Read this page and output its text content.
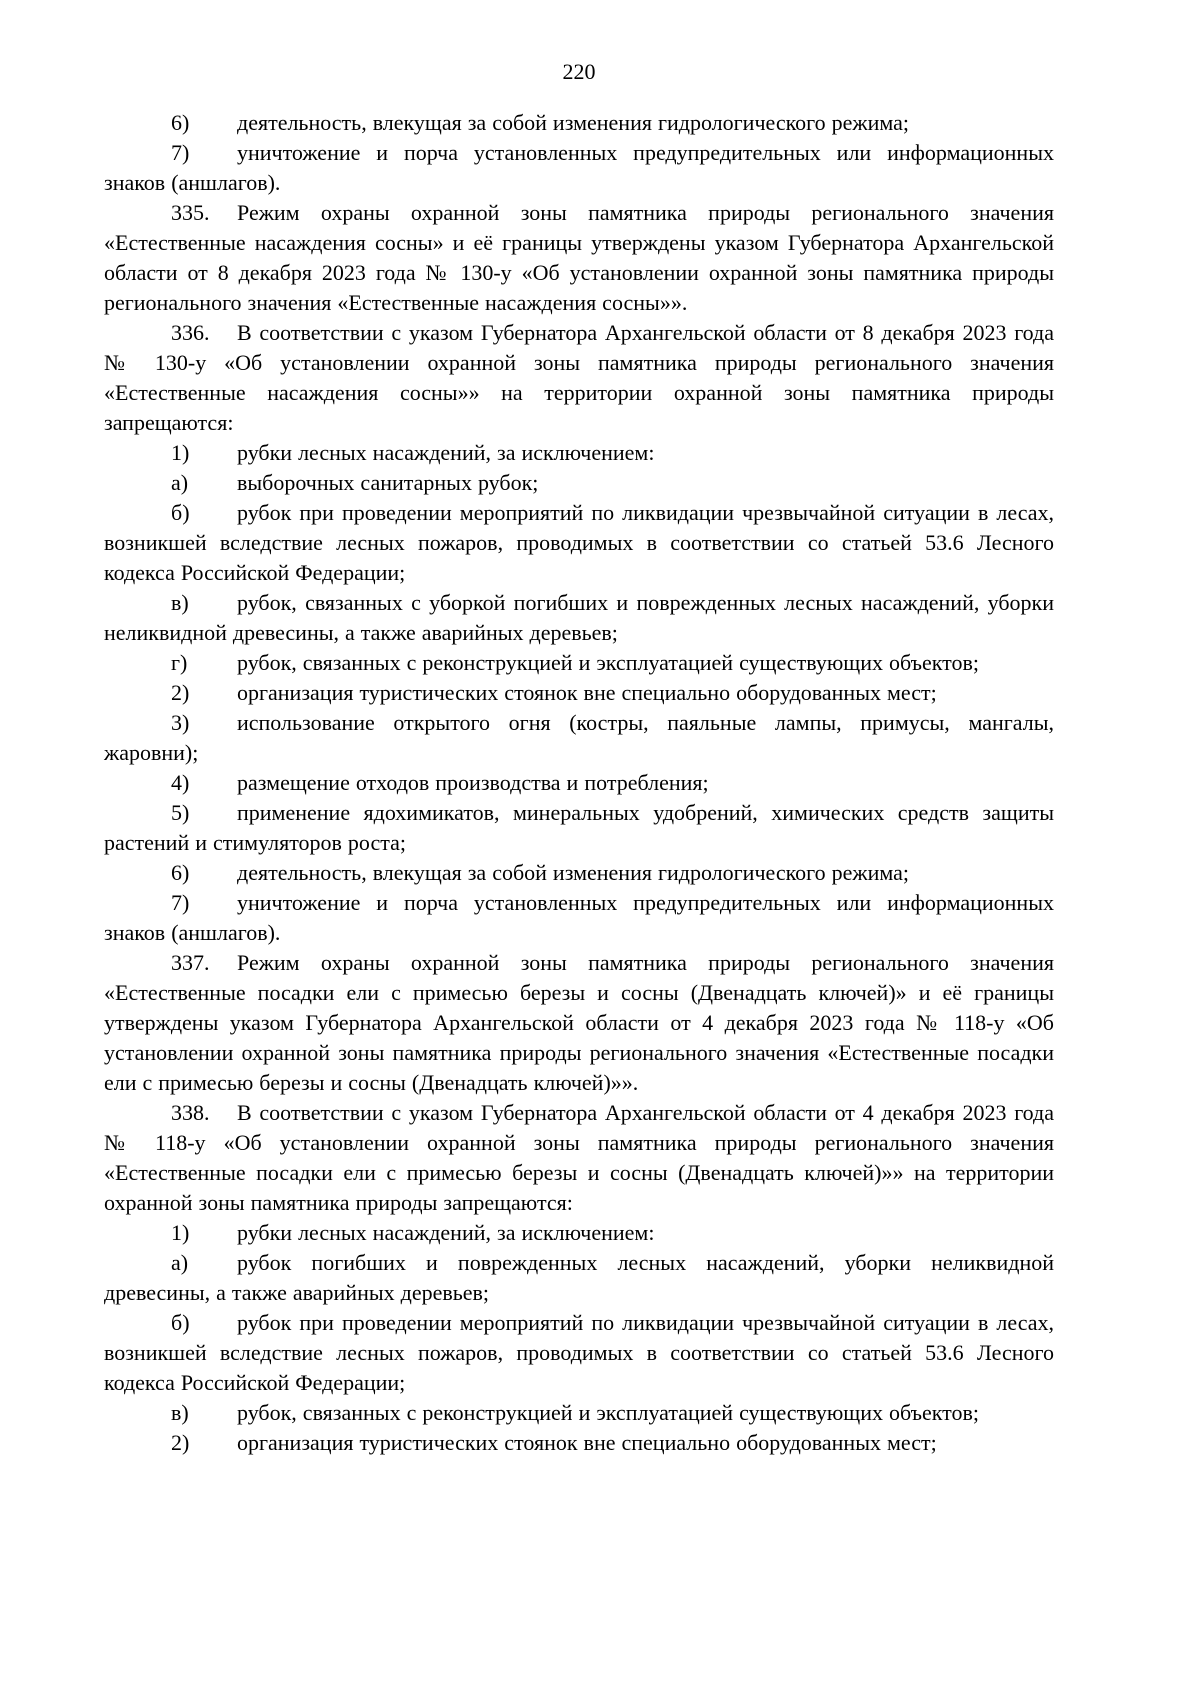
220

6) деятельность, влекущая за собой изменения гидрологического режима;

7) уничтожение и порча установленных предупредительных или информационных знаков (аншлагов).

335. Режим охраны охранной зоны памятника природы регионального значения «Естественные насаждения сосны» и её границы утверждены указом Губернатора Архангельской области от 8 декабря 2023 года № 130-у «Об установлении охранной зоны памятника природы регионального значения «Естественные насаждения сосны»».

336. В соответствии с указом Губернатора Архангельской области от 8 декабря 2023 года № 130-у «Об установлении охранной зоны памятника природы регионального значения «Естественные насаждения сосны»» на территории охранной зоны памятника природы запрещаются:

1) рубки лесных насаждений, за исключением:

а) выборочных санитарных рубок;

б) рубок при проведении мероприятий по ликвидации чрезвычайной ситуации в лесах, возникшей вследствие лесных пожаров, проводимых в соответствии со статьей 53.6 Лесного кодекса Российской Федерации;

в) рубок, связанных с уборкой погибших и поврежденных лесных насаждений, уборки неликвидной древесины, а также аварийных деревьев;

г) рубок, связанных с реконструкцией и эксплуатацией существующих объектов;

2) организация туристических стоянок вне специально оборудованных мест;

3) использование открытого огня (костры, паяльные лампы, примусы, мангалы, жаровни);

4) размещение отходов производства и потребления;

5) применение ядохимикатов, минеральных удобрений, химических средств защиты растений и стимуляторов роста;

6) деятельность, влекущая за собой изменения гидрологического режима;

7) уничтожение и порча установленных предупредительных или информационных знаков (аншлагов).

337. Режим охраны охранной зоны памятника природы регионального значения «Естественные посадки ели с примесью березы и сосны (Двенадцать ключей)» и её границы утверждены указом Губернатора Архангельской области от 4 декабря 2023 года № 118-у «Об установлении охранной зоны памятника природы регионального значения «Естественные посадки ели с примесью березы и сосны (Двенадцать ключей)»».

338. В соответствии с указом Губернатора Архангельской области от 4 декабря 2023 года № 118-у «Об установлении охранной зоны памятника природы регионального значения «Естественные посадки ели с примесью березы и сосны (Двенадцать ключей)»» на территории охранной зоны памятника природы запрещаются:

1) рубки лесных насаждений, за исключением:

а) рубок погибших и поврежденных лесных насаждений, уборки неликвидной древесины, а также аварийных деревьев;

б) рубок при проведении мероприятий по ликвидации чрезвычайной ситуации в лесах, возникшей вследствие лесных пожаров, проводимых в соответствии со статьей 53.6 Лесного кодекса Российской Федерации;

в) рубок, связанных с реконструкцией и эксплуатацией существующих объектов;

2) организация туристических стоянок вне специально оборудованных мест;
